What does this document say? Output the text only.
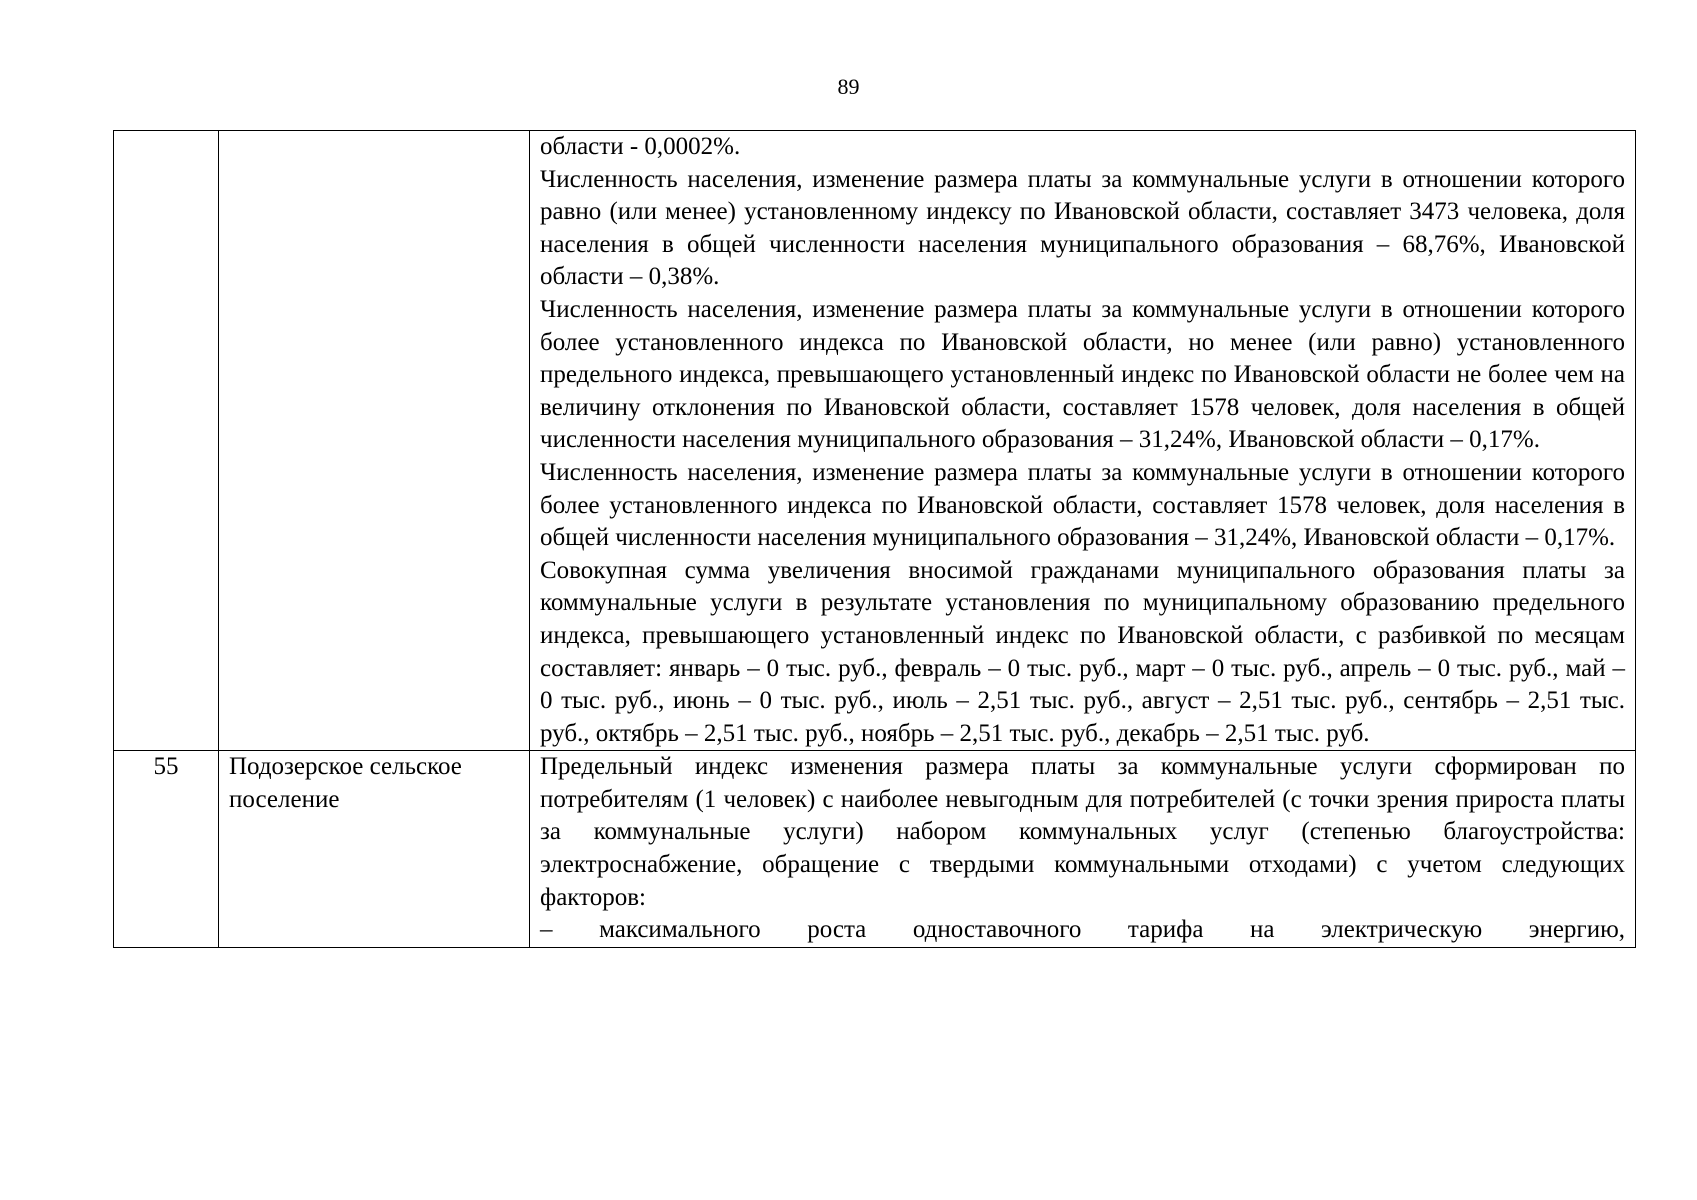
89

		области - 0,0002%.

Численность населения, изменение размера платы за коммунальные услуги в отношении которого равно (или менее) установленному индексу по Ивановской области, составляет 3473 человека, доля населения в общей численности населения муниципального образования – 68,76%, Ивановской области – 0,38%.

Численность населения, изменение размера платы за коммунальные услуги в отношении которого более установленного индекса по Ивановской области, но менее (или равно) установленного предельного индекса, превышающего установленный индекс по Ивановской области не более чем на величину отклонения по Ивановской области, составляет 1578 человек, доля населения в общей численности населения муниципального образования – 31,24%, Ивановской области – 0,17%.

Численность населения, изменение размера платы за коммунальные услуги в отношении которого более установленного индекса по Ивановской области, составляет 1578 человек, доля населения в общей численности населения муниципального образования – 31,24%, Ивановской области – 0,17%.

Совокупная сумма увеличения вносимой гражданами муниципального образования платы за коммунальные услуги в результате установления по муниципальному образованию предельного индекса, превышающего установленный индекс по Ивановской области, с разбивкой по месяцам составляет: январь – 0 тыс. руб., февраль – 0 тыс. руб., март – 0 тыс. руб., апрель – 0 тыс. руб., май – 0 тыс. руб., июнь – 0 тыс. руб., июль – 2,51 тыс. руб., август – 2,51 тыс. руб., сентябрь – 2,51 тыс. руб., октябрь – 2,51 тыс. руб., ноябрь – 2,51 тыс. руб., декабрь – 2,51 тыс. руб.

55	Подозерское сельское поселение	Предельный индекс изменения размера платы за коммунальные услуги сформирован по потребителям (1 человек) с наиболее невыгодным для потребителей (с точки зрения прироста платы за коммунальные услуги) набором коммунальных услуг (степенью благоустройства: электроснабжение, обращение с твердыми коммунальными отходами) с учетом следующих факторов:

– максимального роста одноставочного тарифа на электрическую энергию,
